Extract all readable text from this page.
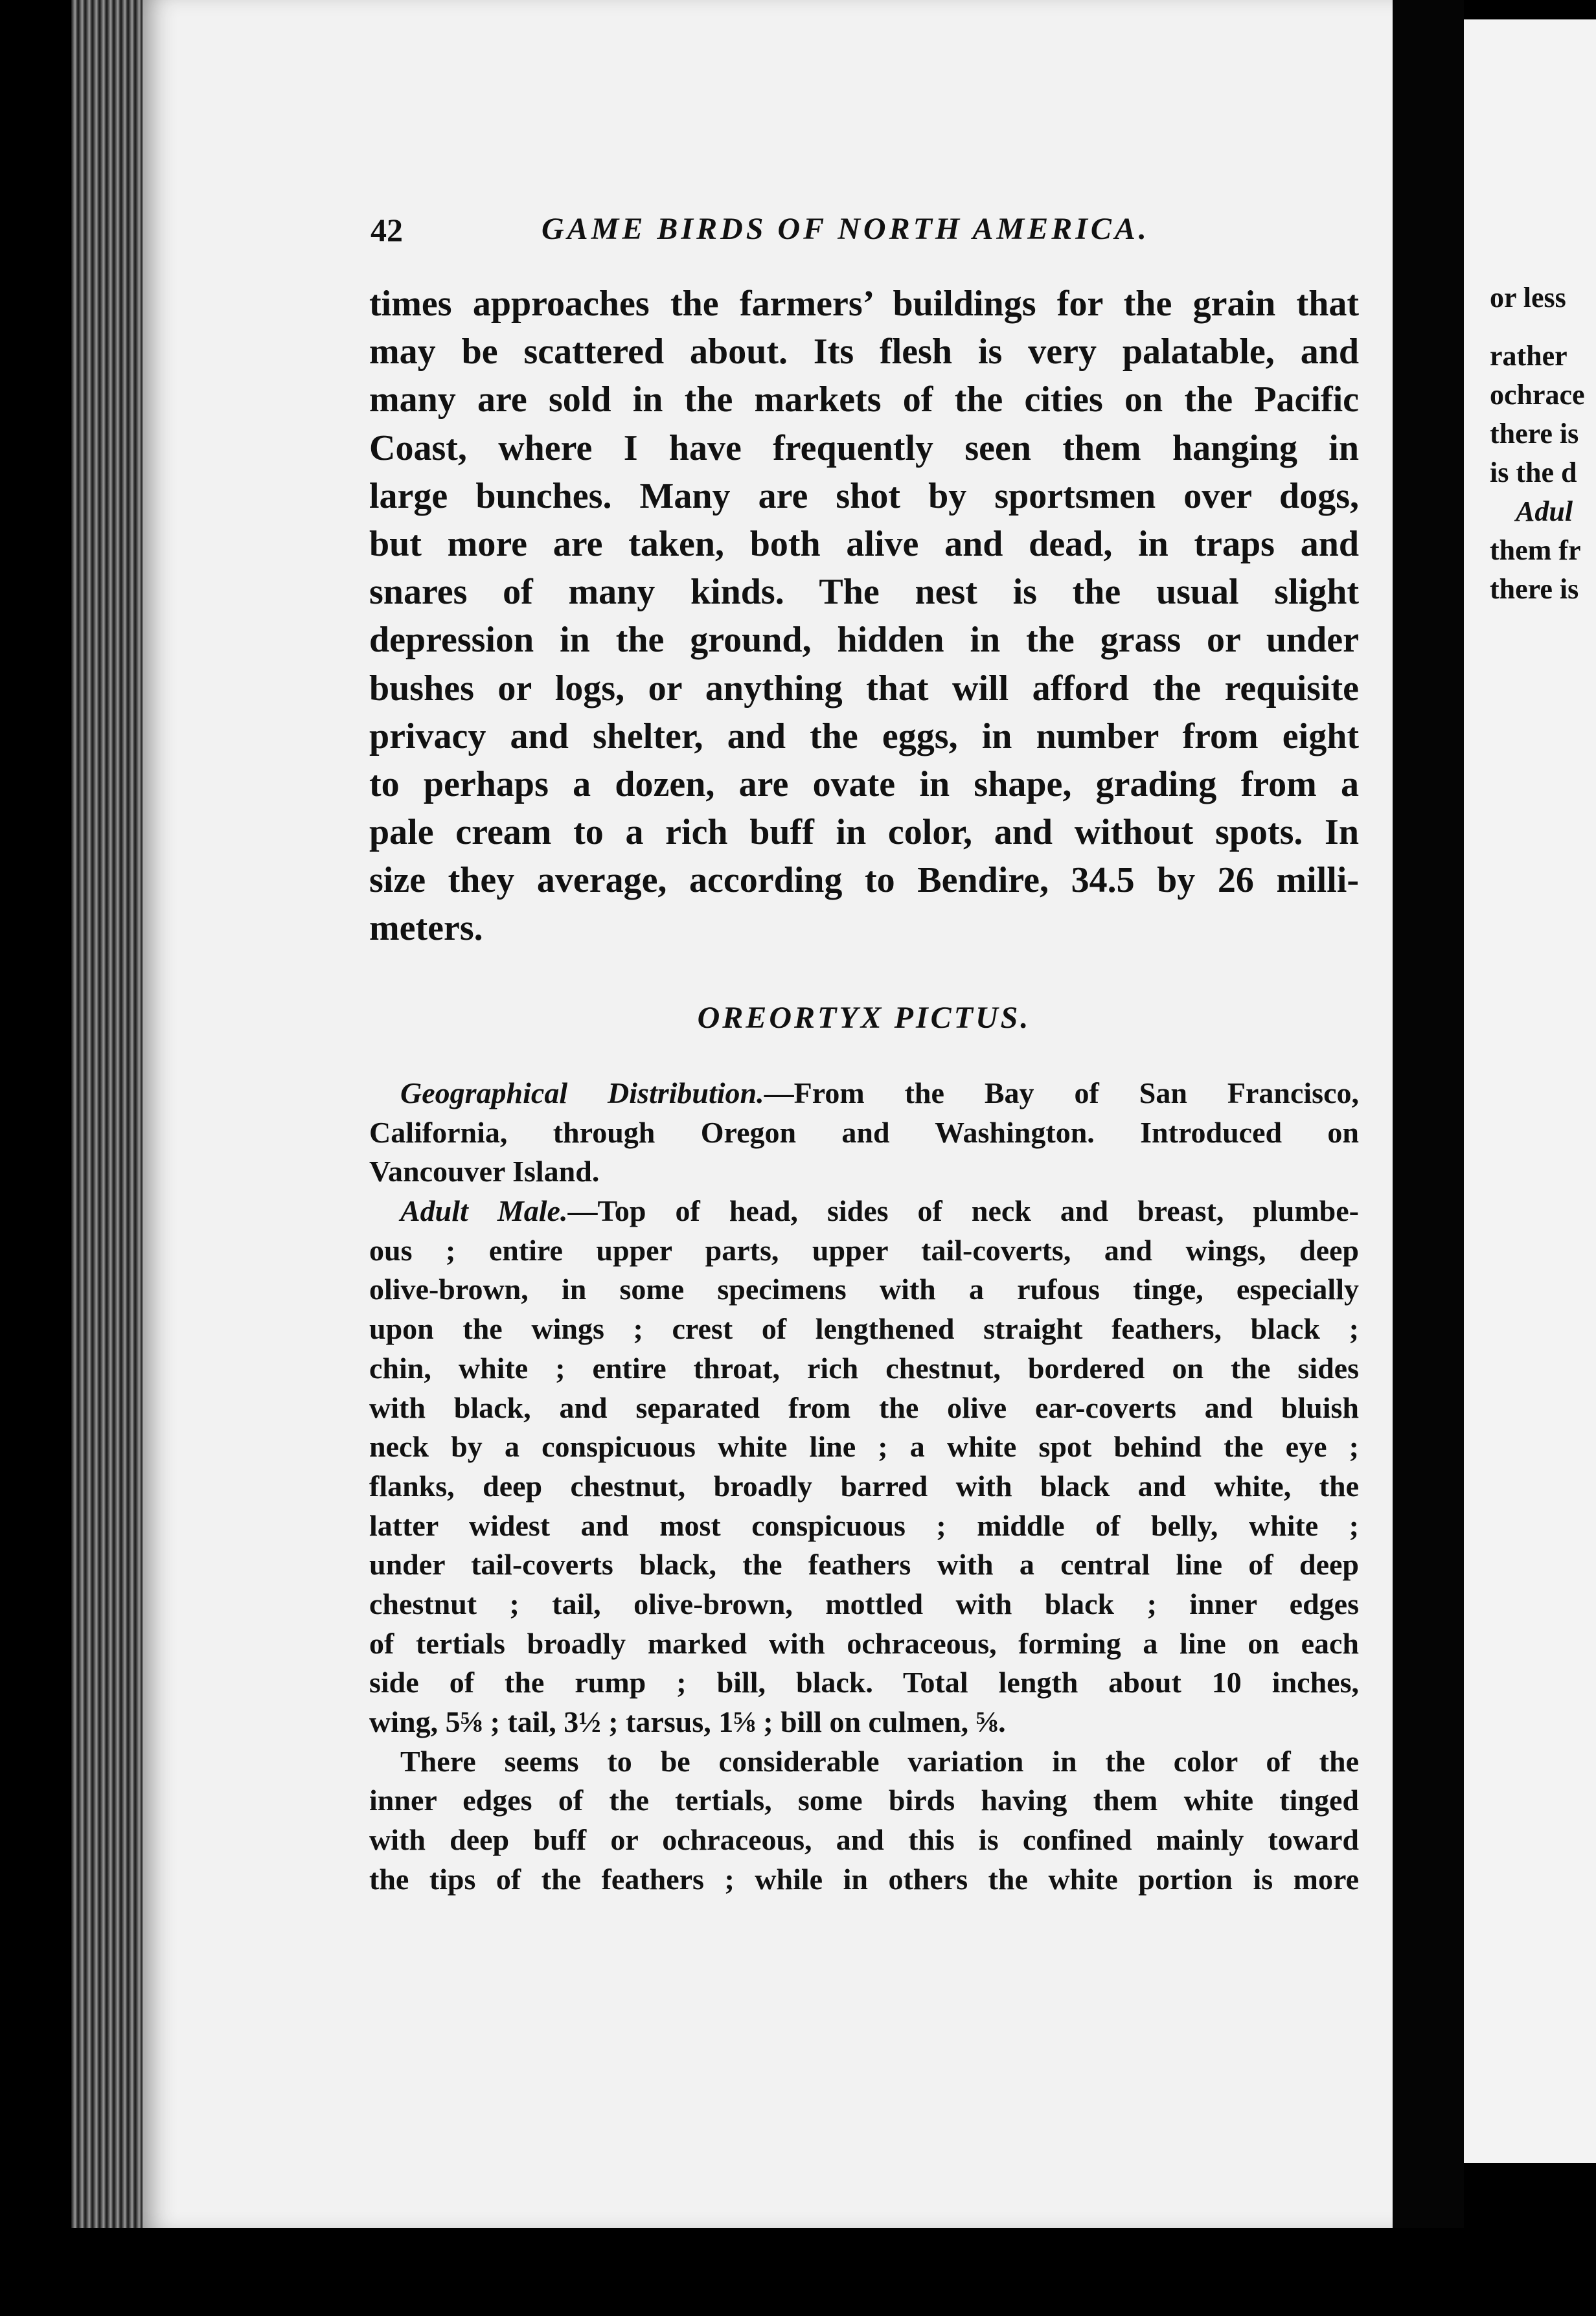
or less
rather
ochrace
there is
is the d
Adul
them fr
there is
42	GAME BIRDS OF NORTH AMERICA.
times approaches the farmers’ buildings for the grain that
may be scattered about. Its flesh is very palatable, and
many are sold in the markets of the cities on the Pacific
Coast, where I have frequently seen them hanging in
large bunches. Many are shot by sportsmen over dogs,
but more are taken, both alive and dead, in traps and
snares of many kinds. The nest is the usual slight
depression in the ground, hidden in the grass or under
bushes or logs, or anything that will afford the requisite
privacy and shelter, and the eggs, in number from eight
to perhaps a dozen, are ovate in shape, grading from a
pale cream to a rich buff in color, and without spots. In
size they average, according to Bendire, 34.5 by 26 milli-
meters.
OREORTYX PICTUS.
Geographical Distribution.—From the Bay of San Francisco,
California, through Oregon and Washington. Introduced on
Vancouver Island.
Adult Male.—Top of head, sides of neck and breast, plumbe-
ous ; entire upper parts, upper tail-coverts, and wings, deep
olive-brown, in some specimens with a rufous tinge, especially
upon the wings ; crest of lengthened straight feathers, black ;
chin, white ; entire throat, rich chestnut, bordered on the sides
with black, and separated from the olive ear-coverts and bluish
neck by a conspicuous white line ; a white spot behind the eye ;
flanks, deep chestnut, broadly barred with black and white, the
latter widest and most conspicuous ; middle of belly, white ;
under tail-coverts black, the feathers with a central line of deep
chestnut ; tail, olive-brown, mottled with black ; inner edges
of tertials broadly marked with ochraceous, forming a line on each
side of the rump ; bill, black. Total length about 10 inches,
wing, 5⅝ ; tail, 3½ ; tarsus, 1⅝ ; bill on culmen, ⅝.
There seems to be considerable variation in the color of the
inner edges of the tertials, some birds having them white tinged
with deep buff or ochraceous, and this is confined mainly toward
the tips of the feathers ; while in others the white portion is more
